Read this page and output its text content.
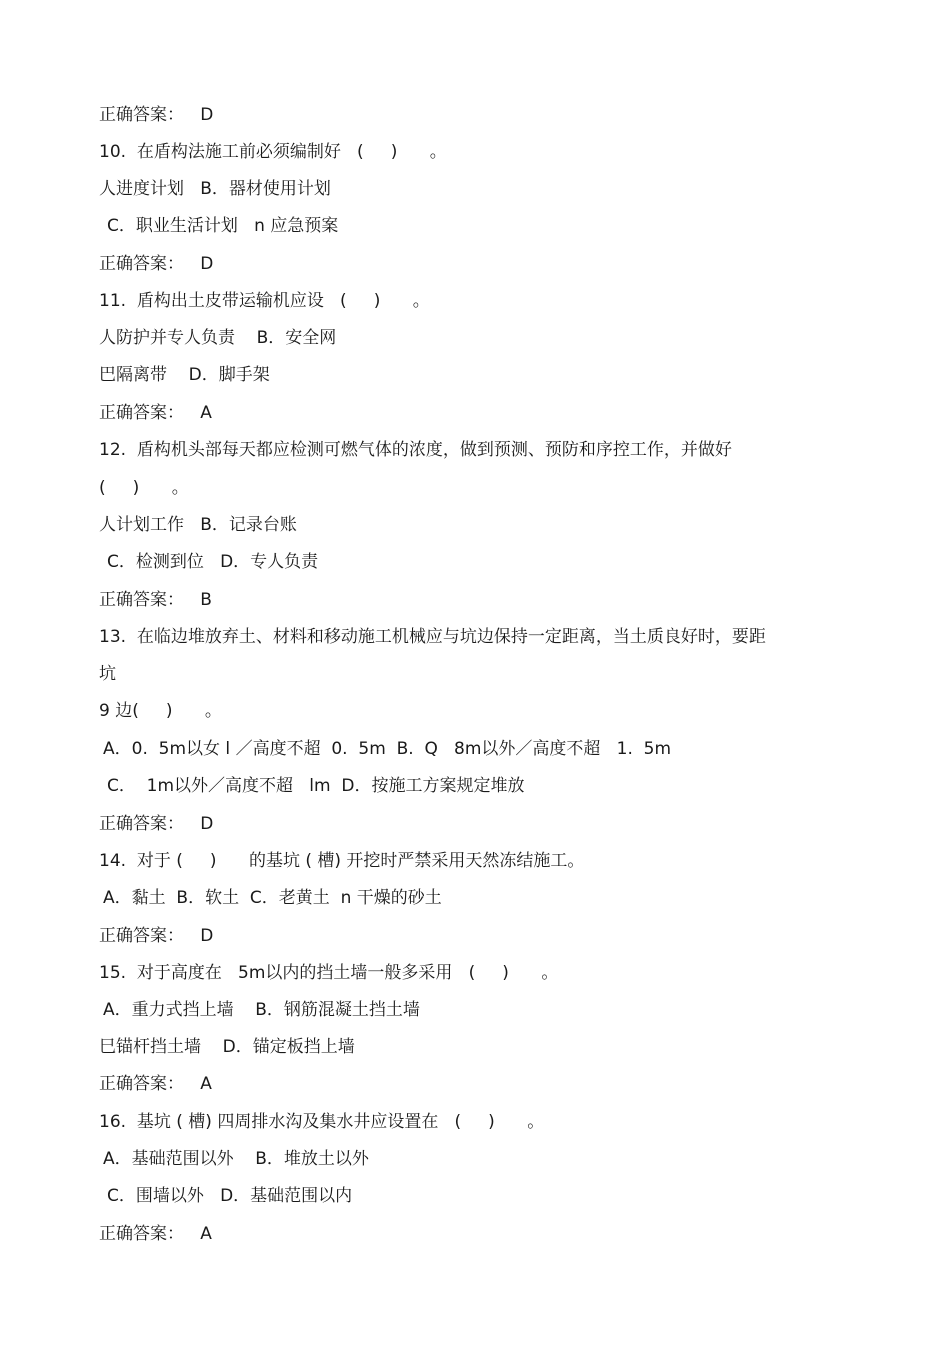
正确答案：   D
10.  在盾构法施工前必须编制好   (     )      。
人进度计划   B．器材使用计划
C．职业生活计划   n 应急预案
正确答案：   D
11.  盾构出土皮带运输机应设   (     )      。
人防护并专人负责    B．安全网
巴隔离带    D．脚手架
正确答案：   A
12.  盾构机头部每天都应检测可燃气体的浓度，做到预测、预防和序控工作，并做好
(     )      。
人计划工作   B．记录台账
C．检测到位   D．专人负责
正确答案：   B
13.  在临边堆放弃土、材料和移动施工机械应与坑边保持一定距离，当土质良好时，要距
坑
9 边(     )      。
A．0.  5m以女 l ／高度不超  0.  5m  B.  Q   8m以外／高度不超   1.  5m
C．  1m以外／高度不超   lm  D．按施工方案规定堆放
正确答案：   D
14.  对于 (     )      的基坑 ( 槽) 开挖时严禁采用天然冻结施工。
A．黏土  B．软土  C．老黄土  n 干燥的砂土
正确答案：   D
15.  对于高度在   5m以内的挡土墙一般多采用   (     )      。
A．重力式挡上墙    B．钢筋混凝土挡土墙
巳锚杆挡土墙    D．锚定板挡上墙
正确答案：   A
16.  基坑 ( 槽) 四周排水沟及集水井应设置在   (     )      。
A．基础范围以外    B．堆放土以外
C．围墙以外   D．基础范围以内
正确答案：   A
